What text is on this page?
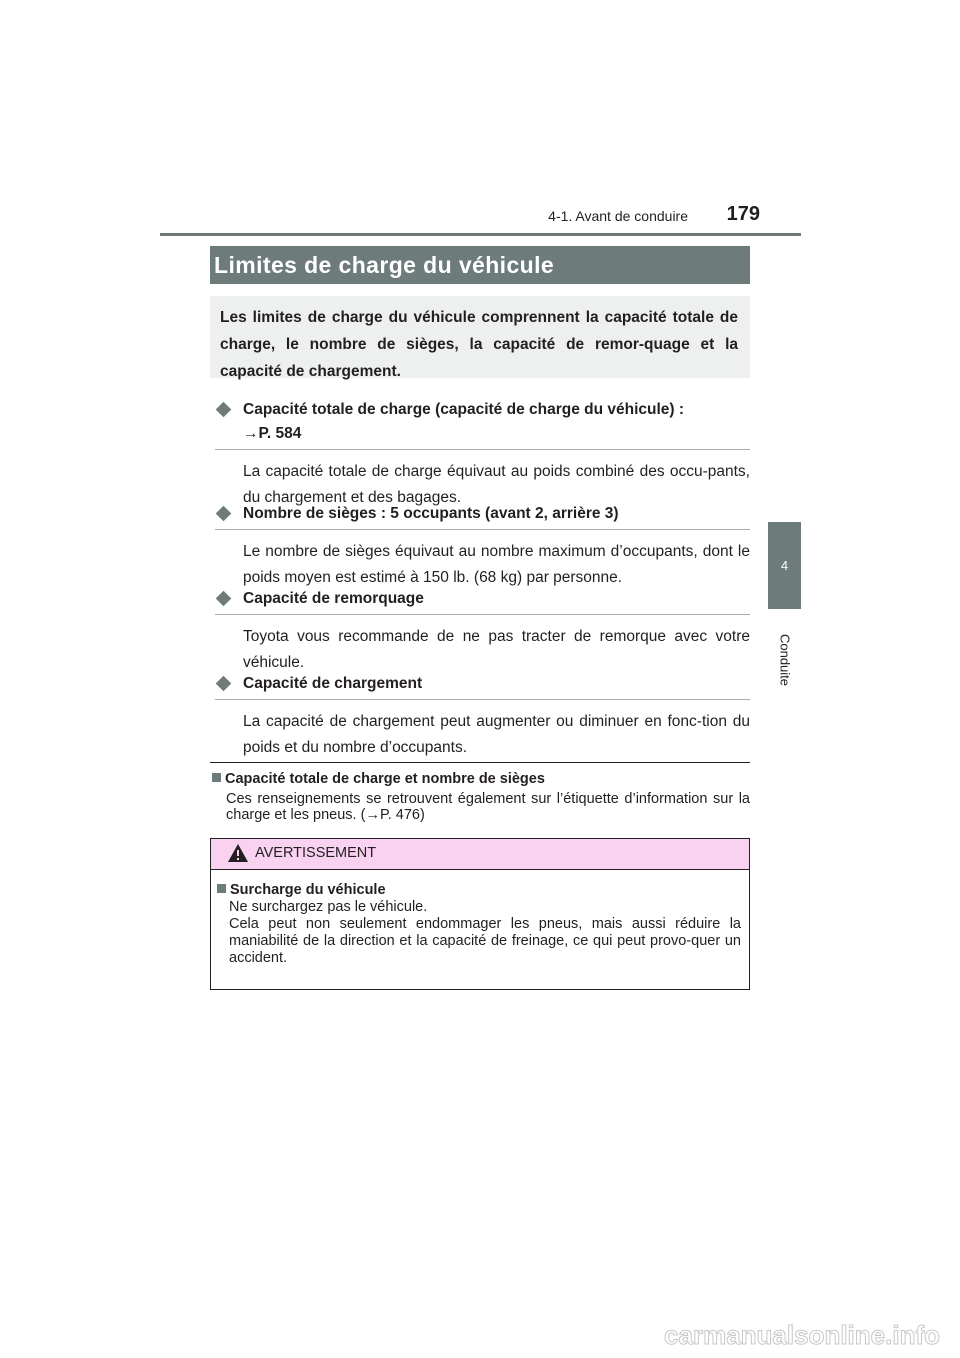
4-1. Avant de conduire	179
4
Conduite
Limites de charge du véhicule
Les limites de charge du véhicule comprennent la capacité totale de charge, le nombre de sièges, la capacité de remor-quage et la capacité de chargement.
Capacité totale de charge (capacité de charge du véhicule) :
→P. 584
La capacité totale de charge équivaut au poids combiné des occu-pants, du chargement et des bagages.
Nombre de sièges : 5 occupants (avant 2, arrière 3)
Le nombre de sièges équivaut au nombre maximum d’occupants, dont le poids moyen est estimé à 150 lb. (68 kg) par personne.
Capacité de remorquage
Toyota vous recommande de ne pas tracter de remorque avec votre véhicule.
Capacité de chargement
La capacité de chargement peut augmenter ou diminuer en fonc-tion du poids et du nombre d’occupants.
Capacité totale de charge et nombre de sièges
Ces renseignements se retrouvent également sur l’étiquette d’information sur la charge et les pneus. (→P. 476)
AVERTISSEMENT
Surcharge du véhicule
Ne surchargez pas le véhicule.
Cela peut non seulement endommager les pneus, mais aussi réduire la maniabilité de la direction et la capacité de freinage, ce qui peut provo-quer un accident.
carmanualsonline.info
